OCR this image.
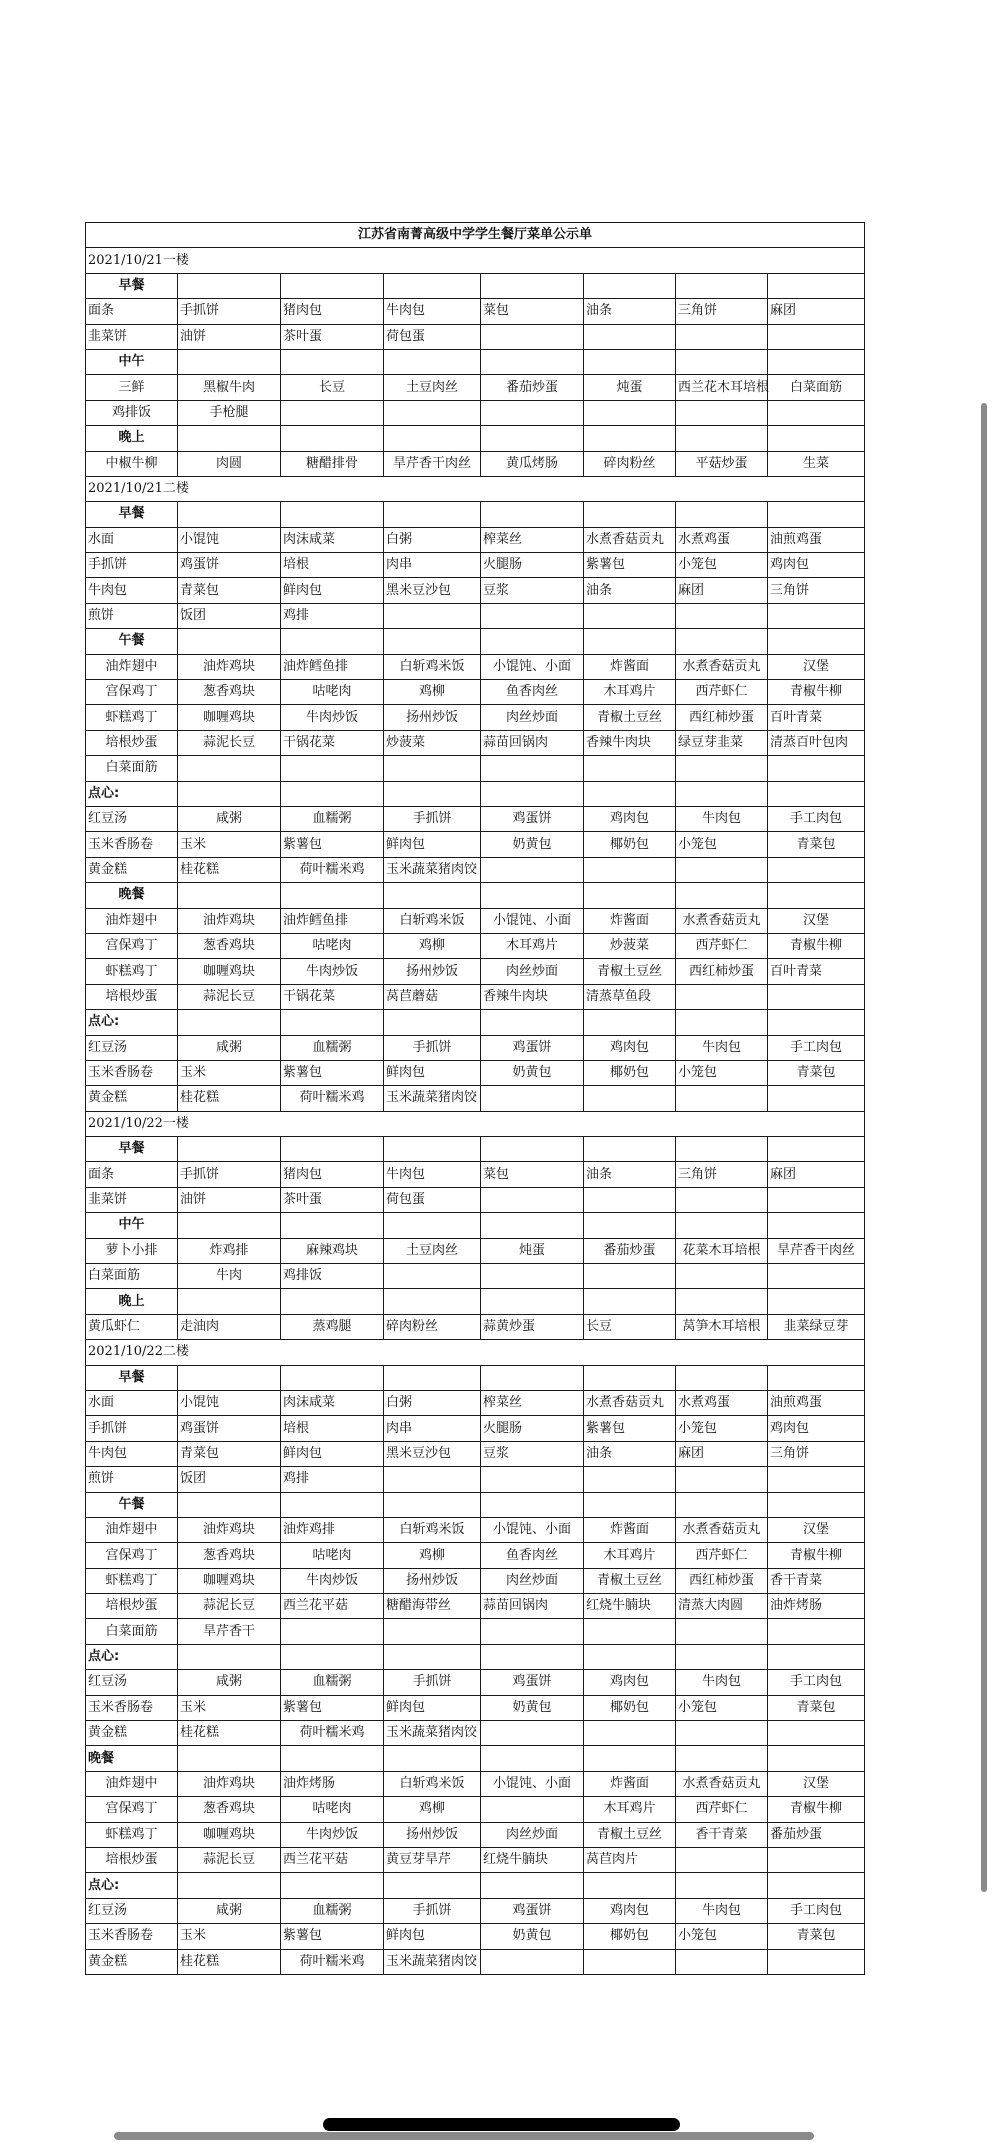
江苏省南菁高级中学学生餐厅菜单公示单							
2021/10/21一楼							
早餐							
面条	手抓饼	猪肉包	牛肉包	菜包	油条	三角饼	麻团
韭菜饼	油饼	茶叶蛋	荷包蛋				
中午							
三鲜	黑椒牛肉	长豆	土豆肉丝	番茄炒蛋	炖蛋	西兰花木耳培根	白菜面筋
鸡排饭	手枪腿						
晚上							
中椒牛柳	肉圆	糖醋排骨	旱芹香干肉丝	黄瓜烤肠	碎肉粉丝	平菇炒蛋	生菜
2021/10/21二楼							
早餐							
水面	小馄饨	肉沫咸菜	白粥	榨菜丝	水煮香菇贡丸	水煮鸡蛋	油煎鸡蛋
手抓饼	鸡蛋饼	培根	肉串	火腿肠	紫薯包	小笼包	鸡肉包
牛肉包	青菜包	鲜肉包	黑米豆沙包	豆浆	油条	麻团	三角饼
煎饼	饭团	鸡排					
午餐							
油炸翅中	油炸鸡块	油炸鳕鱼排	白斩鸡米饭	小馄饨、小面	炸酱面	水煮香菇贡丸	汉堡
宫保鸡丁	葱香鸡块	咕咾肉	鸡柳	鱼香肉丝	木耳鸡片	西芹虾仁	青椒牛柳
虾糕鸡丁	咖喱鸡块	牛肉炒饭	扬州炒饭	肉丝炒面	青椒土豆丝	西红柿炒蛋	百叶青菜
培根炒蛋	蒜泥长豆	干锅花菜	炒菠菜	蒜苗回锅肉	香辣牛肉块	绿豆芽韭菜	清蒸百叶包肉
白菜面筋							
点心:							
红豆汤	咸粥	血糯粥	手抓饼	鸡蛋饼	鸡肉包	牛肉包	手工肉包
玉米香肠卷	玉米	紫薯包	鲜肉包	奶黄包	椰奶包	小笼包	青菜包
黄金糕	桂花糕	荷叶糯米鸡	玉米蔬菜猪肉饺				
晚餐							
油炸翅中	油炸鸡块	油炸鳕鱼排	白斩鸡米饭	小馄饨、小面	炸酱面	水煮香菇贡丸	汉堡
宫保鸡丁	葱香鸡块	咕咾肉	鸡柳	木耳鸡片	炒菠菜	西芹虾仁	青椒牛柳
虾糕鸡丁	咖喱鸡块	牛肉炒饭	扬州炒饭	肉丝炒面	青椒土豆丝	西红柿炒蛋	百叶青菜
培根炒蛋	蒜泥长豆	干锅花菜	莴苣蘑菇	香辣牛肉块	清蒸草鱼段		
点心:							
红豆汤	咸粥	血糯粥	手抓饼	鸡蛋饼	鸡肉包	牛肉包	手工肉包
玉米香肠卷	玉米	紫薯包	鲜肉包	奶黄包	椰奶包	小笼包	青菜包
黄金糕	桂花糕	荷叶糯米鸡	玉米蔬菜猪肉饺				
2021/10/22一楼							
早餐							
面条	手抓饼	猪肉包	牛肉包	菜包	油条	三角饼	麻团
韭菜饼	油饼	茶叶蛋	荷包蛋				
中午							
萝卜小排	炸鸡排	麻辣鸡块	土豆肉丝	炖蛋	番茄炒蛋	花菜木耳培根	旱芹香干肉丝
白菜面筋	牛肉	鸡排饭					
晚上							
黄瓜虾仁	走油肉	蒸鸡腿	碎肉粉丝	蒜黄炒蛋	长豆	莴笋木耳培根	韭菜绿豆芽
2021/10/22二楼							
早餐							
水面	小馄饨	肉沫咸菜	白粥	榨菜丝	水煮香菇贡丸	水煮鸡蛋	油煎鸡蛋
手抓饼	鸡蛋饼	培根	肉串	火腿肠	紫薯包	小笼包	鸡肉包
牛肉包	青菜包	鲜肉包	黑米豆沙包	豆浆	油条	麻团	三角饼
煎饼	饭团	鸡排					
午餐							
油炸翅中	油炸鸡块	油炸鸡排	白斩鸡米饭	小馄饨、小面	炸酱面	水煮香菇贡丸	汉堡
宫保鸡丁	葱香鸡块	咕咾肉	鸡柳	鱼香肉丝	木耳鸡片	西芹虾仁	青椒牛柳
虾糕鸡丁	咖喱鸡块	牛肉炒饭	扬州炒饭	肉丝炒面	青椒土豆丝	西红柿炒蛋	香干青菜
培根炒蛋	蒜泥长豆	西兰花平菇	糖醋海带丝	蒜苗回锅肉	红烧牛腩块	清蒸大肉圆	油炸烤肠
白菜面筋	旱芹香干						
点心:							
红豆汤	咸粥	血糯粥	手抓饼	鸡蛋饼	鸡肉包	牛肉包	手工肉包
玉米香肠卷	玉米	紫薯包	鲜肉包	奶黄包	椰奶包	小笼包	青菜包
黄金糕	桂花糕	荷叶糯米鸡	玉米蔬菜猪肉饺				
晚餐							
油炸翅中	油炸鸡块	油炸烤肠	白斩鸡米饭	小馄饨、小面	炸酱面	水煮香菇贡丸	汉堡
宫保鸡丁	葱香鸡块	咕咾肉	鸡柳		木耳鸡片	西芹虾仁	青椒牛柳
虾糕鸡丁	咖喱鸡块	牛肉炒饭	扬州炒饭	肉丝炒面	青椒土豆丝	香干青菜	番茄炒蛋
培根炒蛋	蒜泥长豆	西兰花平菇	黄豆芽旱芹	红烧牛腩块	莴苣肉片		
点心:							
红豆汤	咸粥	血糯粥	手抓饼	鸡蛋饼	鸡肉包	牛肉包	手工肉包
玉米香肠卷	玉米	紫薯包	鲜肉包	奶黄包	椰奶包	小笼包	青菜包
黄金糕	桂花糕	荷叶糯米鸡	玉米蔬菜猪肉饺				
